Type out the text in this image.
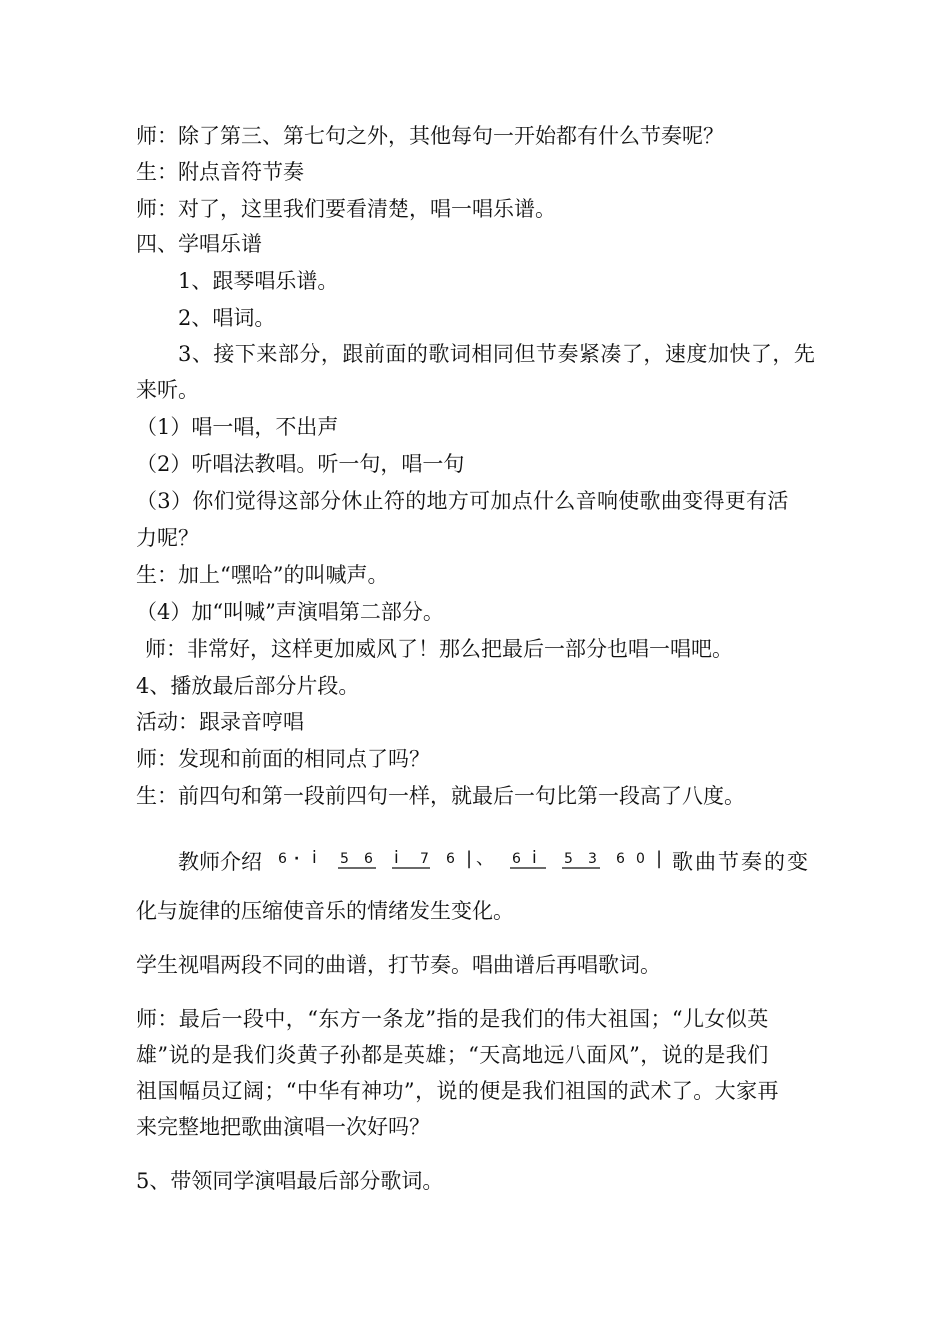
师：除了第三、第七句之外，其他每句一开始都有什么节奏呢？
生：附点音符节奏
师：对了，这里我们要看清楚，唱一唱乐谱。
四、学唱乐谱
1、跟琴唱乐谱。
2、唱词。
3、接下来部分，跟前面的歌词相同但节奏紧凑了，速度加快了，先
来听。
（1）唱一唱，不出声
（2）听唱法教唱。听一句，唱一句
（3）你们觉得这部分休止符的地方可加点什么音响使歌曲变得更有活
力呢？
生：加上“嘿哈”的叫喊声。
（4）加“叫喊”声演唱第二部分。
师：非常好，这样更加威风了！那么把最后一部分也唱一唱吧。
4、播放最后部分片段。
活动：跟录音哼唱
师：发现和前面的相同点了吗？
生：前四句和第一段前四句一样，就最后一句比第一段高了八度。
教师介绍 6 · i 5 6 i 7 6 | 、 6 i 5 3 6 0 | 歌曲节奏的变
化与旋律的压缩使音乐的情绪发生变化。
学生视唱两段不同的曲谱，打节奏。唱曲谱后再唱歌词。
师：最后一段中，“东方一条龙”指的是我们的伟大祖国；“儿女似英
雄”说的是我们炎黄子孙都是英雄；“天高地远八面风”，说的是我们
祖国幅员辽阔；“中华有神功”，说的便是我们祖国的武术了。大家再
来完整地把歌曲演唱一次好吗？
5、带领同学演唱最后部分歌词。
